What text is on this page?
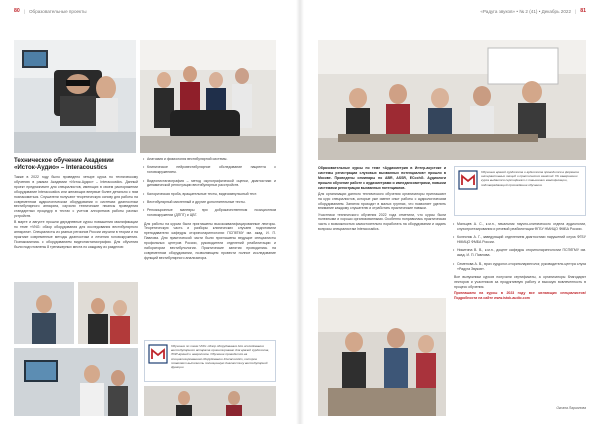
80 | Образовательные проекты
Техническое обучение Академии «Исток-Аудио» – Interacoustics

Также в 2022 году было проведено четыре курса по техническому обучению в рамках Академии «Исток-Аудио» – Interacoustics. Данный проект предназначен для специалистов, имеющих в своем распоряжении оборудование Interacoustics или желающих впервые более детально с ним познакомиться. Слушатели получают теоретическую основу для работы на современном аудиологическом оборудовании и системах диагностики вестибулярного аппарата, изучили технические нюансы проведения стандартных процедур в тестах с учетом алгоритмов работы разных устройств.

В марте и августе прошли двухдневные курсы повышения квалификации по теме «VNG: обзор оборудования для исследования вестибулярного аппарата». Специалисты из разных регионов России изучили в теории и на практике современные методы диагностики и лечения головокружения. Познакомились с оборудованием видеонистагмографии. Для обучения были подготовлены 8 тренажерных места по каждому из разделов:

• Анатомия и физиология вестибулярной системы.
• Клиническое нейровестибулярное обследование пациента с головокружением.
• Видеонистагмография – метод окулографической оценки, диагностики и динамической регистрации вестибулярных расстройств.
• Калорическая проба, вращательные тесты, видеоимпульсный тест.
• Вестибулярный миогенный и другие дополнительные тесты.
• Репозиционные маневры при доброкачественном позиционном головокружении (ДППГ) и ЦВГ.

Для работы на курсах были приглашены высококвалифицированные лекторы. Теоретическую часть и разборы клинических случаев подготовили преподаватели кафедры оториноларингологии ПСПбГМУ им. акад. И. П. Павлова. Для практической части были приглашены ведущие специалисты профильных центров России, руководители отделений реабилитации и лаборатории вестибулологии. Практические занятия проводились на современном оборудовании, позволяющем провести полное исследование функций вестибулярного анализатора.

Обучение по теме VNG: обзор оборудования для исследования вестибулярного аппарата ориентировано для врачей сурдологов, ЛОР-врачей и неврологов. Обучение проводится на специализированном оборудовании Interacoustics, которое позволяет выполнить полноценную диагностику вестибулярной функции.
«Радуга звуков» • № 2 (41) • Декабрь 2022 | 81

Образовательные курсы по теме «Аудиометрия в Интер-акустике и системы регистрации слуховых вызванных потенциалов» прошли в Москве. Проведены семинары по ABR, ASSR, ECochG. Аудиологи прошли обучение работе с аудиометрами и импедансометрами, новыми системами регистрации вызванных потенциалов.

Для организации данного технического обучения организаторы приглашают на курс специалистов, которые уже имеют опыт работы с аудиологическим оборудованием. Занятия проходят в малых группах, что позволяет уделить внимание каждому слушателю и отработать практические навыки.

Участники технического обучения 2022 года отметили, что курсы были полезными и хорошо организованными. Особенно понравилась практическая часть с возможностью самостоятельно поработать на оборудовании и задать вопросы специалистам Interacoustics.

Обучение врачей сурдологов и аудиологов проводится в формате интерактивных лекций и практических занятий. По завершении курса выдается сертификат о повышении квалификации, подтверждающий прохождение обучения.
• Мальцев А. С., к.м.н., начальник научно-клинического отдела аудиологии, слухопротезирования и речевой реабилитации ФГБУ НМИЦО ФМБА России.
• Колесник А. Г., заведующий отделением диагностики нарушений слуха ФГБУ НМИЦО ФМБА России.
• Никитина В. В., к.м.н., доцент кафедры оториноларингологии ПСПбГМУ им. акад. И. П. Павлова.
• Семенова А. В., врач сурдолог-оториноларинголог, руководитель центра слуха «Радуга Звуков».

Все выпускники курсов получили сертификаты, а организаторы благодарят лекторов и участников за продуктивную работу и высокую вовлеченность в процесс обучения.

Приглашаем на курсы в 2023 году все желающих специалистов! Подробности на сайте www.istok-audio.com

Оксана Ларионова
